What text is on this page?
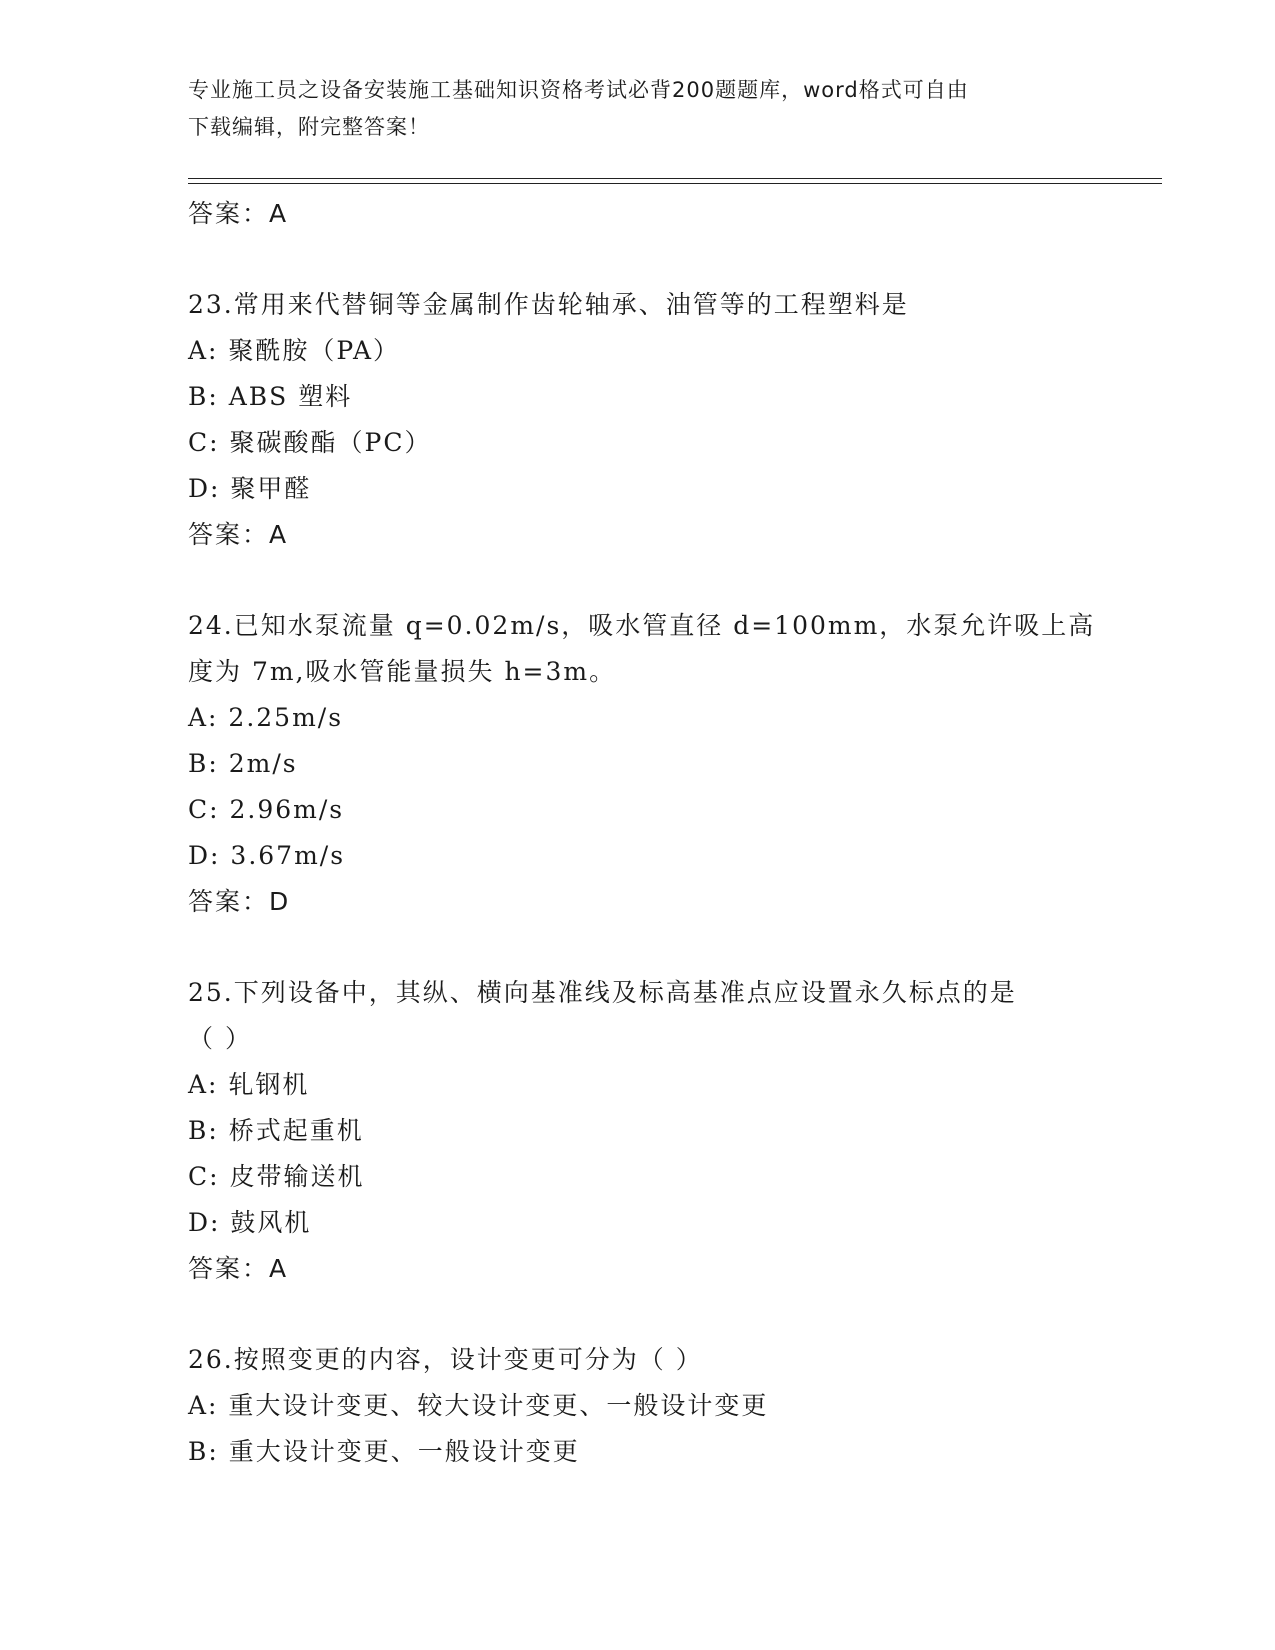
专业施工员之设备安装施工基础知识资格考试必背200题题库，word格式可自由
下载编辑，附完整答案！
答案：A
23.常用来代替铜等金属制作齿轮轴承、油管等的工程塑料是
A: 聚酰胺（PA）
B: ABS 塑料
C: 聚碳酸酯（PC）
D: 聚甲醛
答案：A
24.已知水泵流量 q=0.02m/s，吸水管直径 d=100mm，水泵允许吸上高
度为 7m,吸水管能量损失 h=3m。
A: 2.25m/s
B: 2m/s
C: 2.96m/s
D: 3.67m/s
答案：D
25.下列设备中，其纵、横向基准线及标高基准点应设置永久标点的是
（ ）
A: 轧钢机
B: 桥式起重机
C: 皮带输送机
D: 鼓风机
答案：A
26.按照变更的内容，设计变更可分为（ ）
A: 重大设计变更、较大设计变更、一般设计变更
B: 重大设计变更、一般设计变更
